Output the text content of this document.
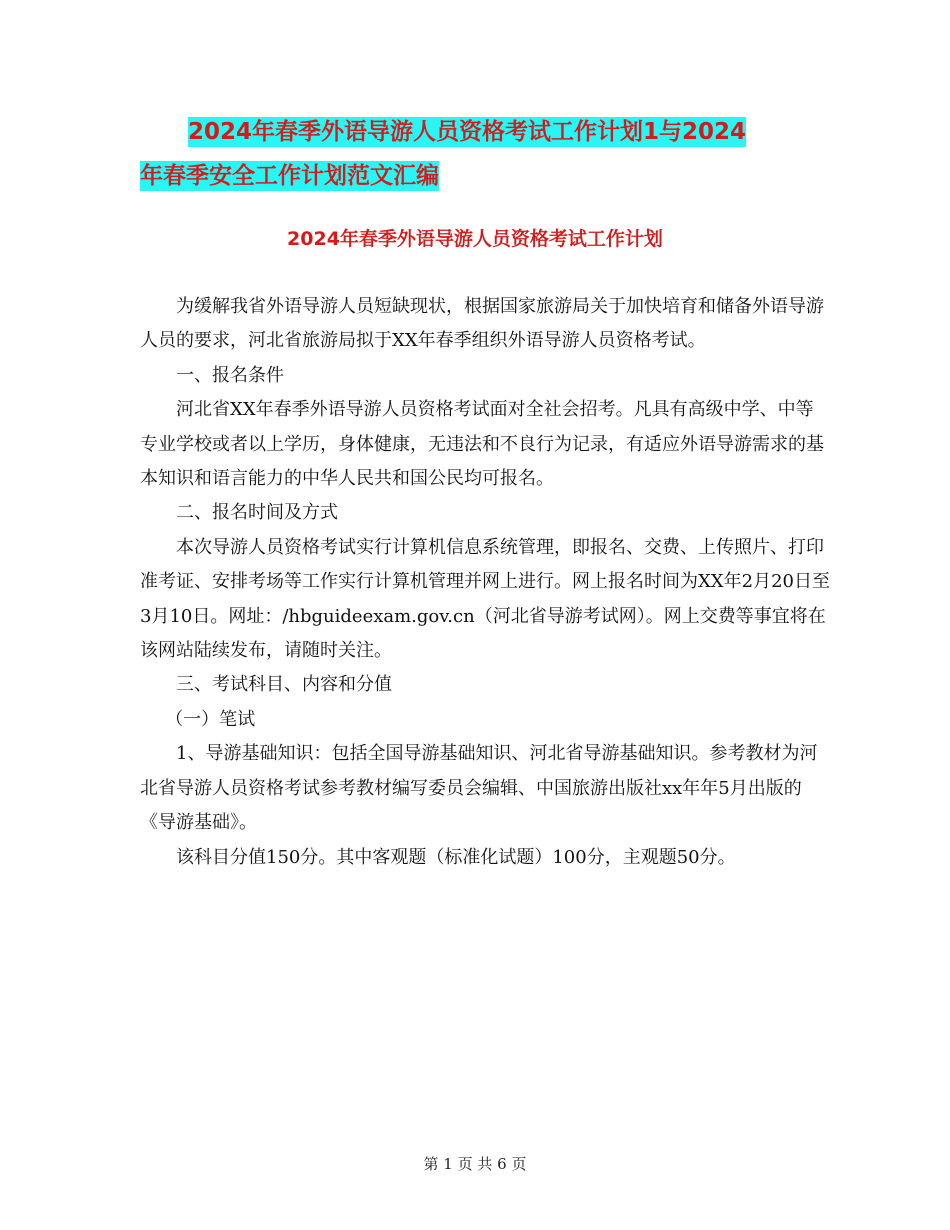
2024年春季外语导游人员资格考试工作计划1与2024
年春季安全工作计划范文汇编
2024年春季外语导游人员资格考试工作计划

为缓解我省外语导游人员短缺现状，根据国家旅游局关于加快培育和储备外语导游人员的要求，河北省旅游局拟于XX年春季组织外语导游人员资格考试。

一、报名条件

河北省XX年春季外语导游人员资格考试面对全社会招考。凡具有高级中学、中等专业学校或者以上学历，身体健康，无违法和不良行为记录，有适应外语导游需求的基本知识和语言能力的中华人民共和国公民均可报名。

二、报名时间及方式

本次导游人员资格考试实行计算机信息系统管理，即报名、交费、上传照片、打印准考证、安排考场等工作实行计算机管理并网上进行。网上报名时间为XX年2月20日至3月10日。网址：/hbguideexam.gov.cn（河北省导游考试网）。网上交费等事宜将在该网站陆续发布，请随时关注。

三、考试科目、内容和分值

（一）笔试

1、导游基础知识：包括全国导游基础知识、河北省导游基础知识。参考教材为河北省导游人员资格考试参考教材编写委员会编辑、中国旅游出版社xx年年5月出版的《导游基础》。

该科目分值150分。其中客观题（标准化试题）100分，主观题50分。

第 1 页 共 6 页
